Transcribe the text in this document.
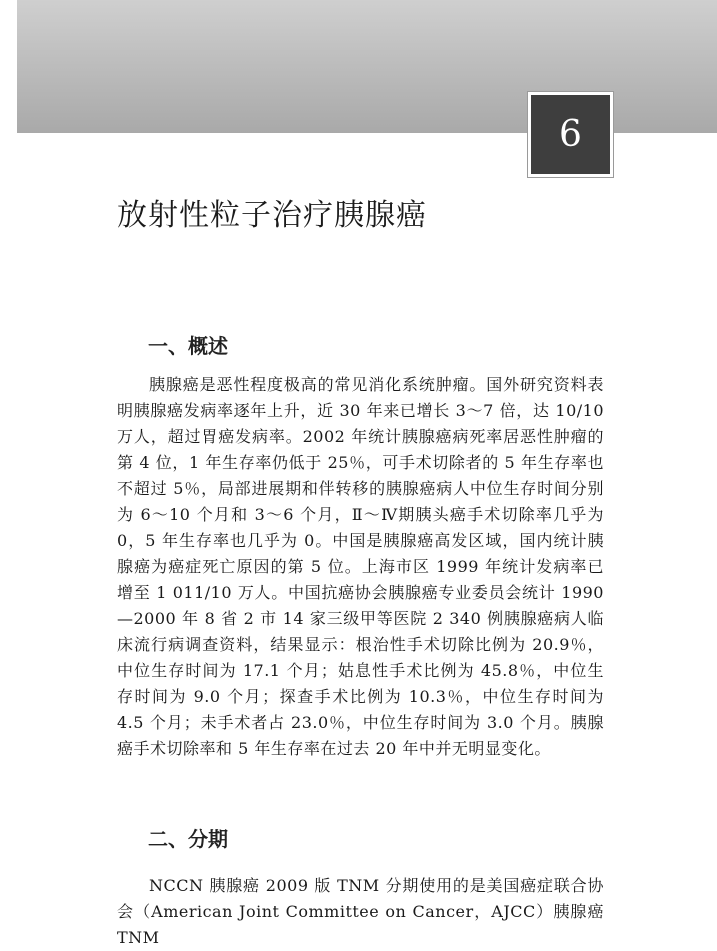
6
放射性粒子治疗胰腺癌
一、概述

胰腺癌是恶性程度极高的常见消化系统肿瘤。国外研究资料表明胰腺癌发病率逐年上升，近 30 年来已增长 3～7 倍，达 10/10 万人，超过胃癌发病率。2002 年统计胰腺癌病死率居恶性肿瘤的第 4 位，1 年生存率仍低于 25％，可手术切除者的 5 年生存率也不超过 5％，局部进展期和伴转移的胰腺癌病人中位生存时间分别为 6～10 个月和 3～6 个月，Ⅱ～Ⅳ期胰头癌手术切除率几乎为 0，5 年生存率也几乎为 0。中国是胰腺癌高发区域，国内统计胰腺癌为癌症死亡原因的第 5 位。上海市区 1999 年统计发病率已增至 1 011/10 万人。中国抗癌协会胰腺癌专业委员会统计 1990—2000 年 8 省 2 市 14 家三级甲等医院 2 340 例胰腺癌病人临床流行病调查资料，结果显示：根治性手术切除比例为 20.9％，中位生存时间为 17.1 个月；姑息性手术比例为 45.8％，中位生存时间为 9.0 个月；探查手术比例为 10.3％，中位生存时间为 4.5 个月；未手术者占 23.0％，中位生存时间为 3.0 个月。胰腺癌手术切除率和 5 年生存率在过去 20 年中并无明显变化。

二、分期

NCCN 胰腺癌 2009 版 TNM 分期使用的是美国癌症联合协会（American Joint Committee on Cancer，AJCC）胰腺癌 TNM
